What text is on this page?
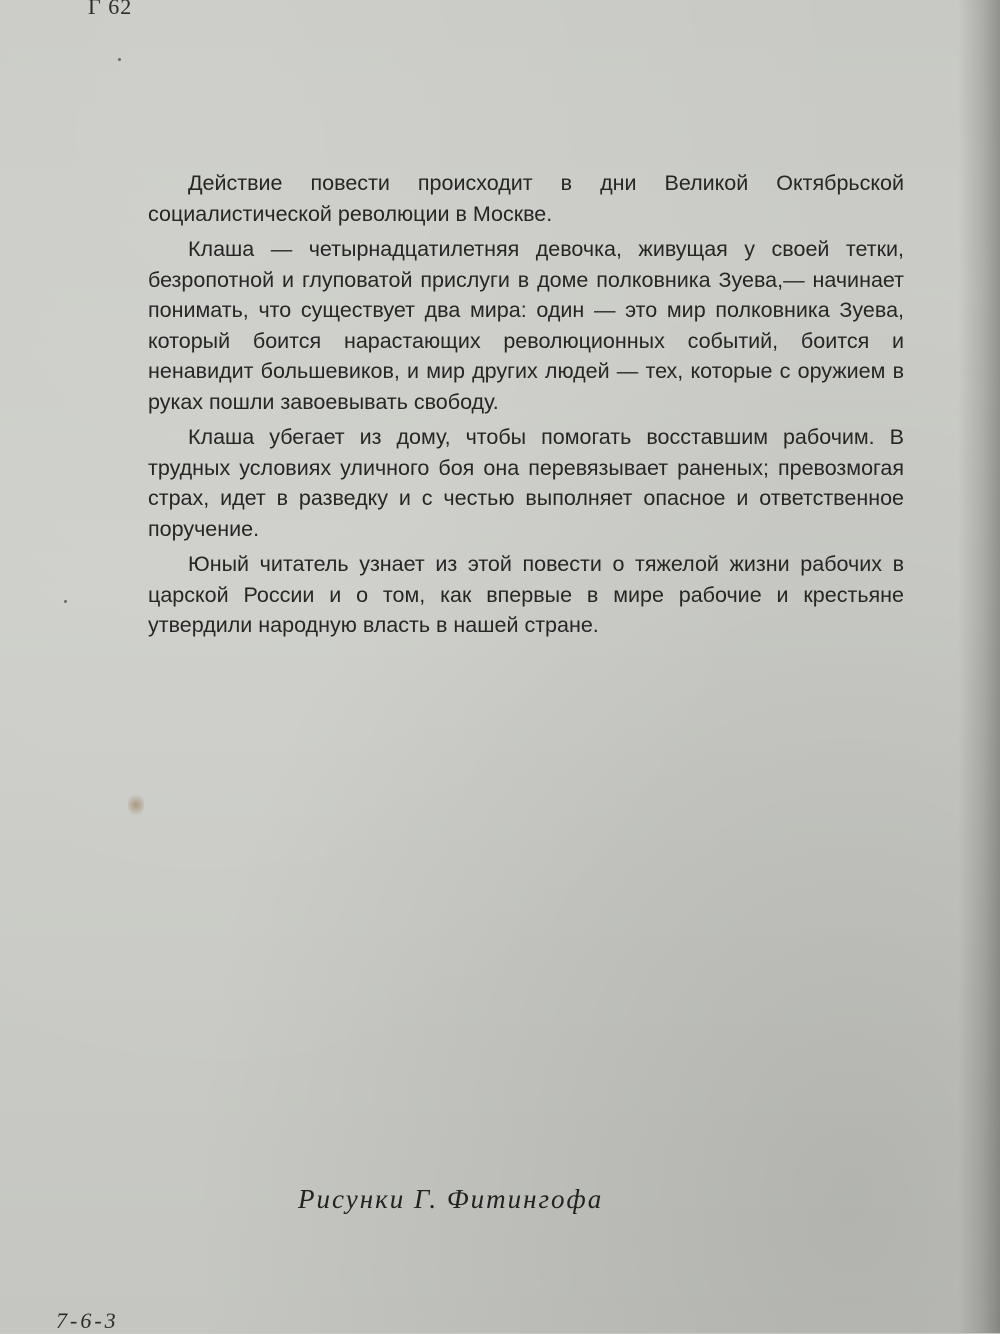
Г 62

Действие повести происходит в дни Великой Октябрьской социалистической революции в Москве.

Клаша — четырнадцатилетняя девочка, живущая у своей тетки, безропотной и глуповатой прислуги в доме полковника Зуева,— начинает понимать, что существует два мира: один — это мир полковника Зуева, который боится нарастающих революционных событий, боится и ненавидит большевиков, и мир других людей — тех, которые с оружием в руках пошли завоевывать свободу.

Клаша убегает из дому, чтобы помогать восставшим рабочим. В трудных условиях уличного боя она перевязывает раненых; превозмогая страх, идет в разведку и с честью выполняет опасное и ответственное поручение.

Юный читатель узнает из этой повести о тяжелой жизни рабочих в царской России и о том, как впервые в мире рабочие и крестьяне утвердили народную власть в нашей стране.

Рисунки Г. Фитингофа
7-6-3
